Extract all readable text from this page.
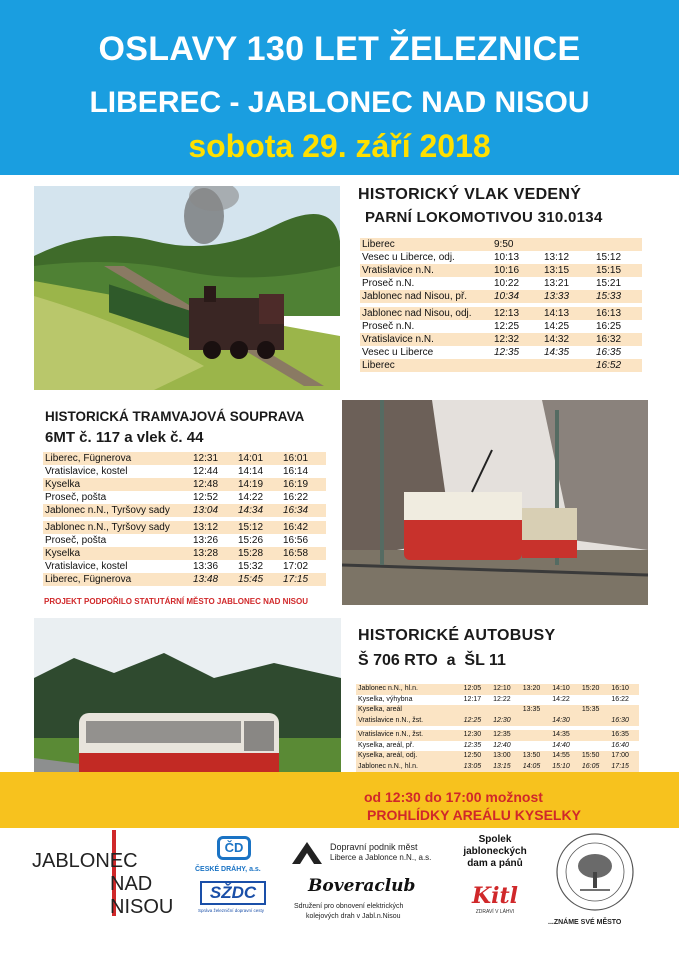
OSLAVY 130 LET ŽELEZNICE
LIBEREC - JABLONEC NAD NISOU
sobota 29. září 2018
HISTORICKÝ VLAK VEDENÝ
PARNÍ LOKOMOTIVOU 310.0134
Liberec	9:50		
Vesec u Liberce, odj.	10:13	13:12	15:12
Vratislavice n.N.	10:16	13:15	15:15
Proseč n.N.	10:22	13:21	15:21
Jablonec nad Nisou, př.	10:34	13:33	15:33

Jablonec nad Nisou, odj.	12:13	14:13	16:13
Proseč n.N.	12:25	14:25	16:25
Vratislavice n.N.	12:32	14:32	16:32
Vesec u Liberce	12:35	14:35	16:35
Liberec			16:52
HISTORICKÁ TRAMVAJOVÁ SOUPRAVA
6MT č. 117 a vlek č. 44
Liberec, Fügnerova	12:31	14:01	16:01
Vratislavice, kostel	12:44	14:14	16:14
Kyselka	12:48	14:19	16:19
Proseč, pošta	12:52	14:22	16:22
Jablonec n.N., Tyršovy sady	13:04	14:34	16:34

Jablonec n.N., Tyršovy sady	13:12	15:12	16:42
Proseč, pošta	13:26	15:26	16:56
Kyselka	13:28	15:28	16:58
Vratislavice, kostel	13:36	15:32	17:02
Liberec, Fügnerova	13:48	15:45	17:15
PROJEKT PODPOŘILO STATUTÁRNÍ MĚSTO JABLONEC NAD NISOU
HISTORICKÉ AUTOBUSY
Š 706 RTO  a  ŠL 11
Jablonec n.N., hl.n.	12:05	12:10	13:20	14:10	15:20	16:10
Kyselka, výhybna	12:17	12:22		14:22		16:22
Kyselka, areál			13:35		15:35	
Vratislavice n.N., žst.	12:25	12:30		14:30		16:30

Vratislavice n.N., žst.	12:30	12:35		14:35		16:35
Kyselka, areál, př.	12:35	12:40		14:40		16:40
Kyselka, areál, odj.	12:50	13:00	13:50	14:55	15:50	17:00
Jablonec n.N., hl.n.	13:05	13:15	14:05	15:10	16:05	17:15
od 12:30 do 17:00 možnost
PROHLÍDKY AREÁLU KYSELKY
JABLONEC
NAD
NISOU
ČD
ČESKÉ DRÁHY, a.s.
SŽDC
Správa železniční dopravní cesty
Dopravní podnik měst
Liberce a Jablonce n.N., a.s.
Boveraclub
Sdružení pro obnovení elektrických
kolejových drah v Jabl.n.Nisou
Spolek
jabloneckých
dam a pánů
Kitl
ZDRAVÍ V LÁHVI
...ZNÁME SVÉ MĚSTO
